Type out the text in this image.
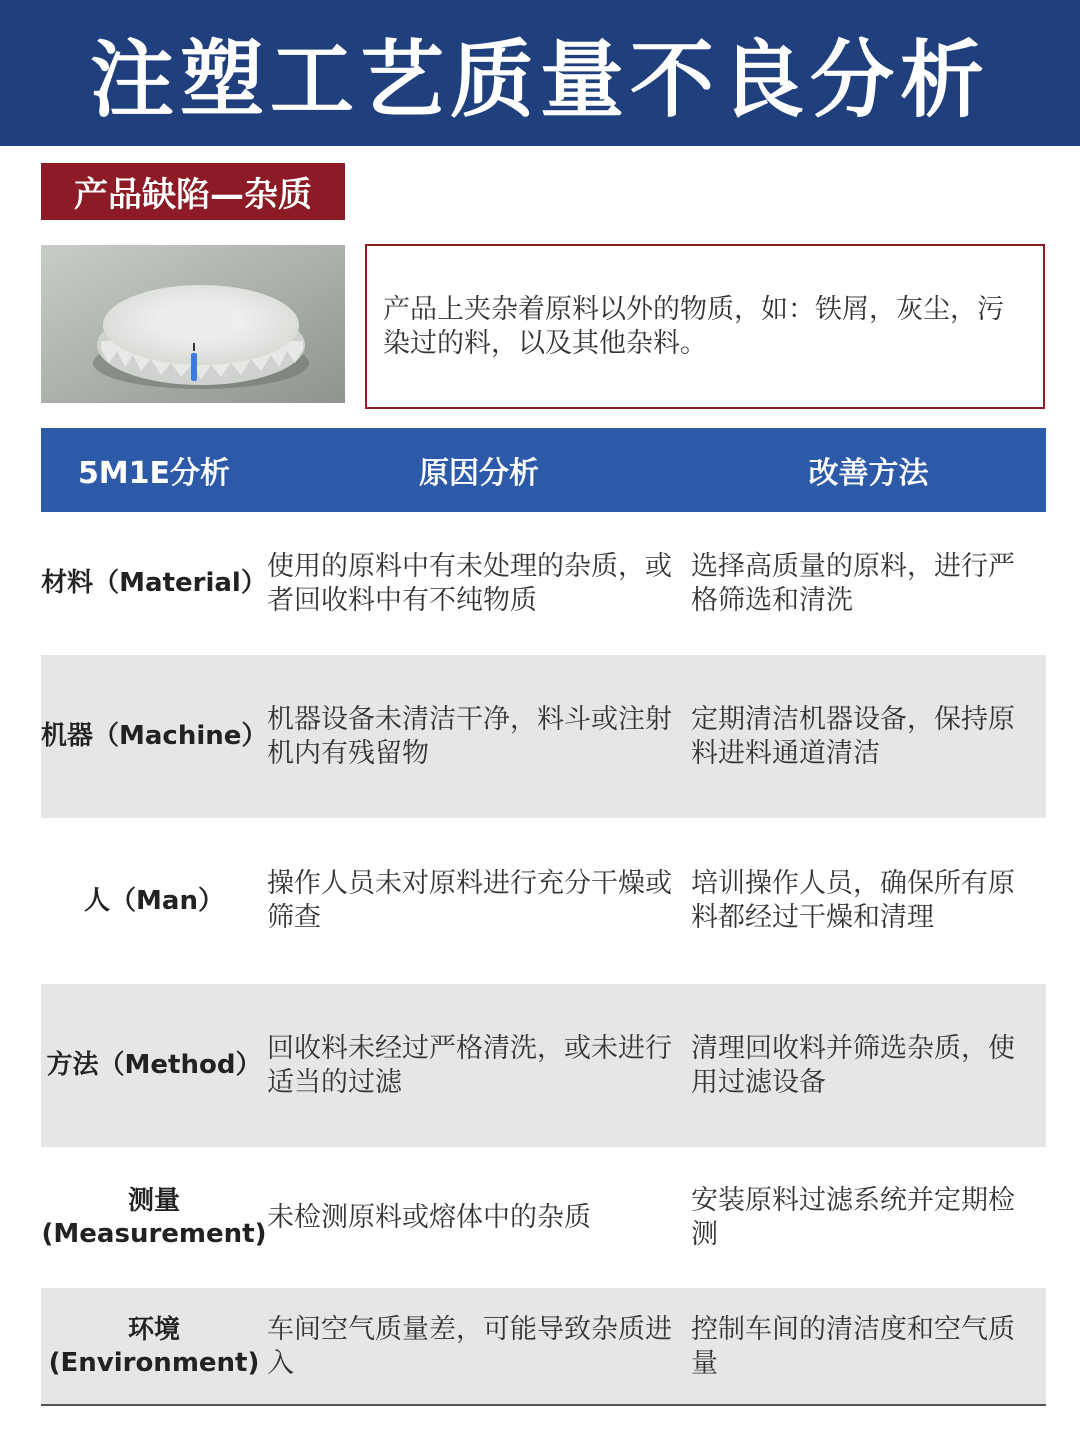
注塑工艺质量不良分析
产品缺陷—杂质
产品上夹杂着原料以外的物质，如：铁屑，灰尘，污染过的料，以及其他杂料。
5M1E分析	原因分析	改善方法
材料（Material）
使用的原料中有未处理的杂质，或者回收料中有不纯物质
选择高质量的原料，进行严格筛选和清洗
机器（Machine）
机器设备未清洁干净，料斗或注射机内有残留物
定期清洁机器设备，保持原料进料通道清洁
人（Man）
操作人员未对原料进行充分干燥或筛查
培训操作人员，确保所有原料都经过干燥和清理
方法（Method）
回收料未经过严格清洗，或未进行适当的过滤
清理回收料并筛选杂质，使用过滤设备
测量
(Measurement)
未检测原料或熔体中的杂质
安装原料过滤系统并定期检测
环境
(Environment)
车间空气质量差，可能导致杂质进入
控制车间的清洁度和空气质量
